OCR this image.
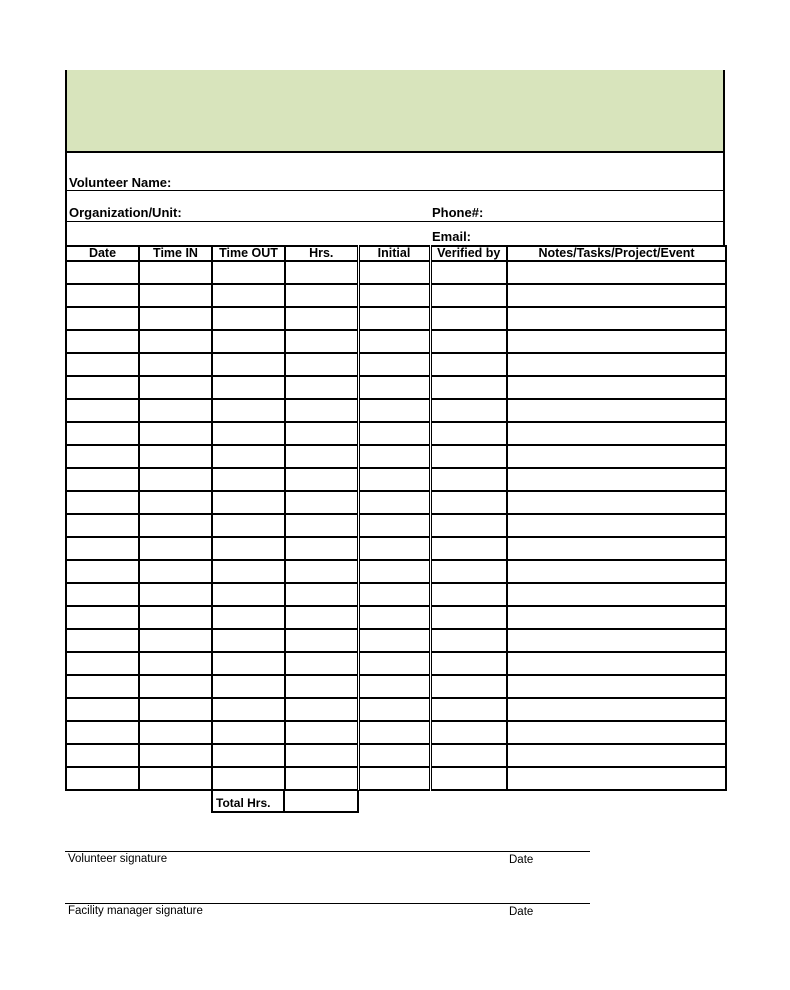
Volunteer Name:
Organization/Unit:	Phone#:
Email:
Date	Time IN	Time OUT	Hrs.	Initial	Verified by	Notes/Tasks/Project/Event

Total Hrs.
Volunteer signature	Date
Facility manager signature	Date
